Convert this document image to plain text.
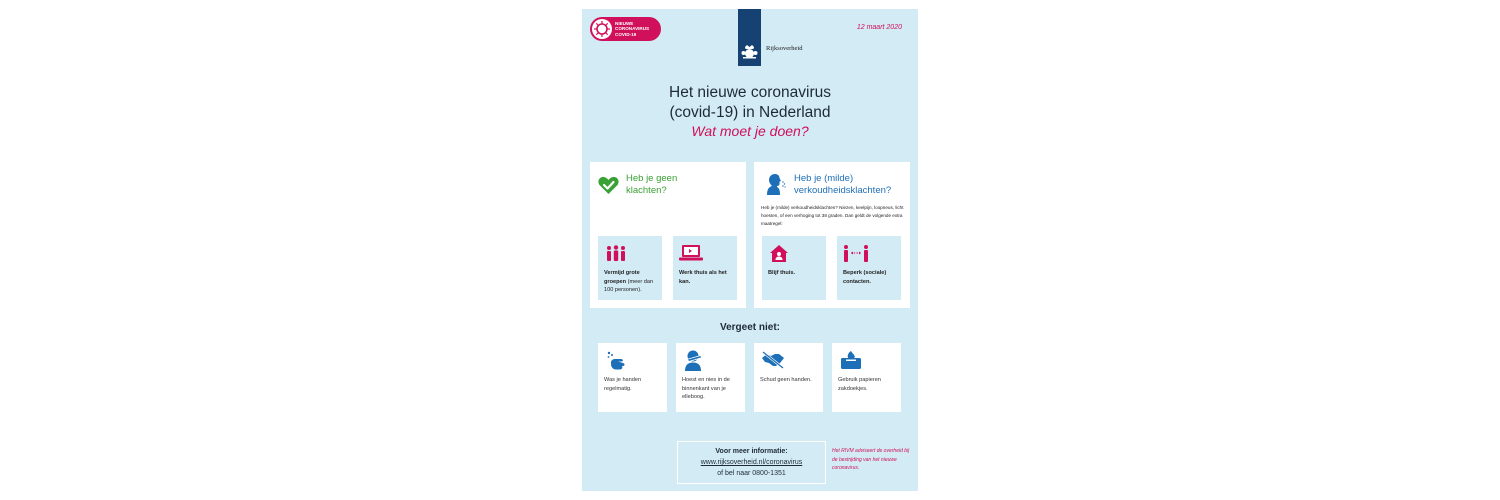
NIEUWE
CORONAVIRUS
COVID-19
Rijksoverheid
12 maart 2020
Het nieuwe coronavirus
(covid-19) in Nederland
Wat moet je doen?
Heb je geen
klachten?
Vermijd grote groepen (meer dan 100 personen).
Werk thuis als het kan.
Heb je (milde)
verkoudheidsklachten?
Heb je (milde) verkoudheidsklachten? Niezen, keelpijn, loopneus, licht hoesten, of een verhoging tot 38 graden. Dan geldt de volgende extra maatregel:
Blijf thuis.	Beperk (sociale) contacten.
Vergeet niet:
Was je handen regelmatig.
Hoest en nies in de binnenkant van je elleboog.
Schud geen handen.	Gebruik papieren zakdoekjes.
Voor meer informatie:
www.rijksoverheid.nl/coronavirus
of bel naar 0800-1351
Het RIVM adviseert de overheid bij de bestrijding van het nieuwe coronavirus.
